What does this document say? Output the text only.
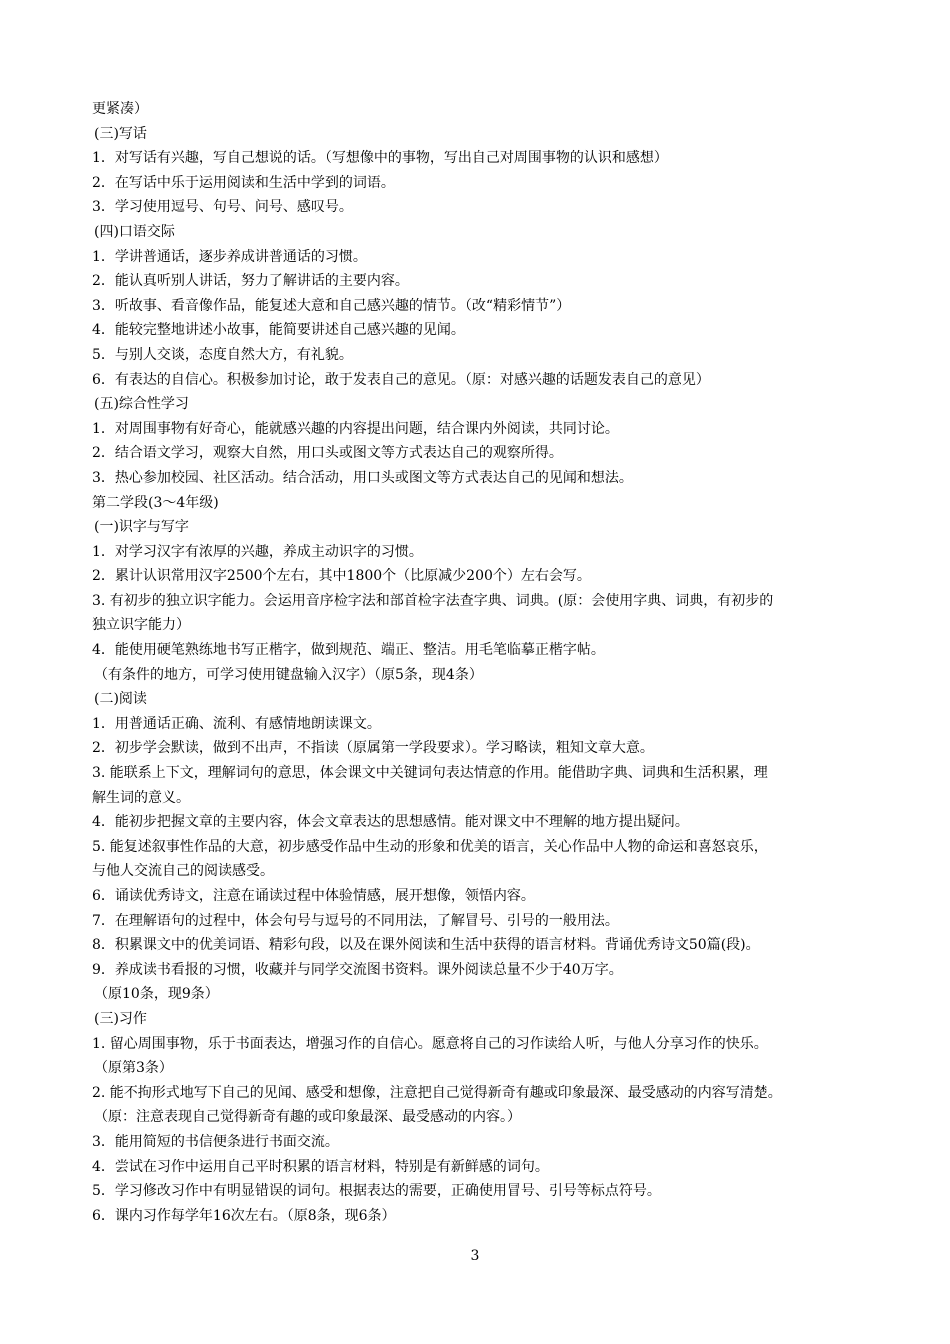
更紧凑）
(三)写话
1．对写话有兴趣，写自己想说的话。（写想像中的事物，写出自己对周围事物的认识和感想）
2．在写话中乐于运用阅读和生活中学到的词语。
3．学习使用逗号、句号、问号、感叹号。
(四)口语交际
1．学讲普通话，逐步养成讲普通话的习惯。
2．能认真听别人讲话，努力了解讲话的主要内容。
3．听故事、看音像作品，能复述大意和自己感兴趣的情节。（改“精彩情节”）
4．能较完整地讲述小故事，能简要讲述自己感兴趣的见闻。
5．与别人交谈，态度自然大方，有礼貌。
6．有表达的自信心。积极参加讨论，敢于发表自己的意见。（原：对感兴趣的话题发表自己的意见）
(五)综合性学习
1．对周围事物有好奇心，能就感兴趣的内容提出问题，结合课内外阅读，共同讨论。
2．结合语文学习，观察大自然，用口头或图文等方式表达自己的观察所得。
3．热心参加校园、社区活动。结合活动，用口头或图文等方式表达自己的见闻和想法。
第二学段(3～4年级)
(一)识字与写字
1．对学习汉字有浓厚的兴趣，养成主动识字的习惯。
2．累计认识常用汉字2500个左右，其中1800个（比原减少200个）左右会写。
3. 有初步的独立识字能力。会运用音序检字法和部首检字法查字典、词典。(原：会使用字典、词典，有初步的
独立识字能力）
4．能使用硬笔熟练地书写正楷字，做到规范、端正、整洁。用毛笔临摹正楷字帖。
（有条件的地方，可学习使用键盘输入汉字）（原5条，现4条）
(二)阅读
1．用普通话正确、流利、有感情地朗读课文。
2．初步学会默读，做到不出声，不指读（原属第一学段要求）。学习略读，粗知文章大意。
3. 能联系上下文，理解词句的意思，体会课文中关键词句表达情意的作用。能借助字典、词典和生活积累，理
解生词的意义。
4．能初步把握文章的主要内容，体会文章表达的思想感情。能对课文中不理解的地方提出疑问。
5. 能复述叙事性作品的大意，初步感受作品中生动的形象和优美的语言，关心作品中人物的命运和喜怒哀乐，
与他人交流自己的阅读感受。
6．诵读优秀诗文，注意在诵读过程中体验情感，展开想像，领悟内容。
7．在理解语句的过程中，体会句号与逗号的不同用法，了解冒号、引号的一般用法。
8．积累课文中的优美词语、精彩句段，以及在课外阅读和生活中获得的语言材料。背诵优秀诗文50篇(段)。
9．养成读书看报的习惯，收藏并与同学交流图书资料。课外阅读总量不少于40万字。
（原10条，现9条）
(三)习作
1. 留心周围事物，乐于书面表达，增强习作的自信心。愿意将自己的习作读给人听，与他人分享习作的快乐。
（原第3条）
2. 能不拘形式地写下自己的见闻、感受和想像，注意把自己觉得新奇有趣或印象最深、最受感动的内容写清楚。
（原：注意表现自己觉得新奇有趣的或印象最深、最受感动的内容。）
3．能用简短的书信便条进行书面交流。
4．尝试在习作中运用自己平时积累的语言材料，特别是有新鲜感的词句。
5．学习修改习作中有明显错误的词句。根据表达的需要，正确使用冒号、引号等标点符号。
6．课内习作每学年16次左右。（原8条，现6条）
3
